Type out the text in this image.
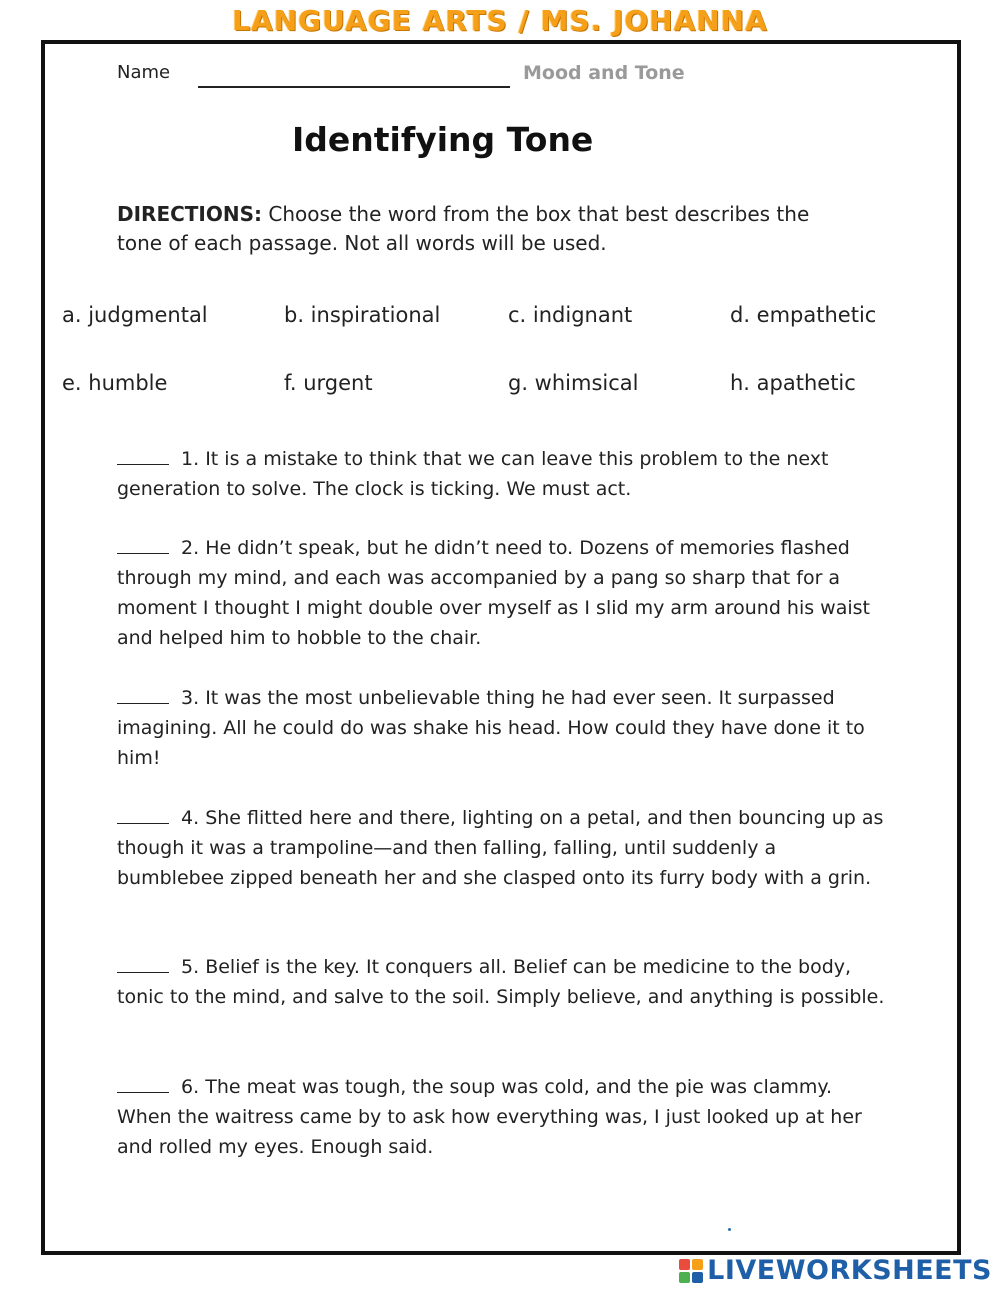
LANGUAGE ARTS / MS. JOHANNA
Name	Mood and Tone
Identifying Tone
DIRECTIONS: Choose the word from the box that best describes the tone of each passage. Not all words will be used.
a. judgmental	b. inspirational	c. indignant	d. empathetic
e. humble	f. urgent	g. whimsical	h. apathetic
1. It is a mistake to think that we can leave this problem to the next generation to solve. The clock is ticking. We must act.
2. He didn’t speak, but he didn’t need to. Dozens of memories flashed through my mind, and each was accompanied by a pang so sharp that for a moment I thought I might double over myself as I slid my arm around his waist and helped him to hobble to the chair.
3. It was the most unbelievable thing he had ever seen. It surpassed imagining. All he could do was shake his head. How could they have done it to him!
4. She flitted here and there, lighting on a petal, and then bouncing up as though it was a trampoline—and then falling, falling, until suddenly a bumblebee zipped beneath her and she clasped onto its furry body with a grin.
5. Belief is the key. It conquers all. Belief can be medicine to the body, tonic to the mind, and salve to the soil. Simply believe, and anything is possible.
6. The meat was tough, the soup was cold, and the pie was clammy. When the waitress came by to ask how everything was, I just looked up at her and rolled my eyes. Enough said.
LIVEWORKSHEETS
